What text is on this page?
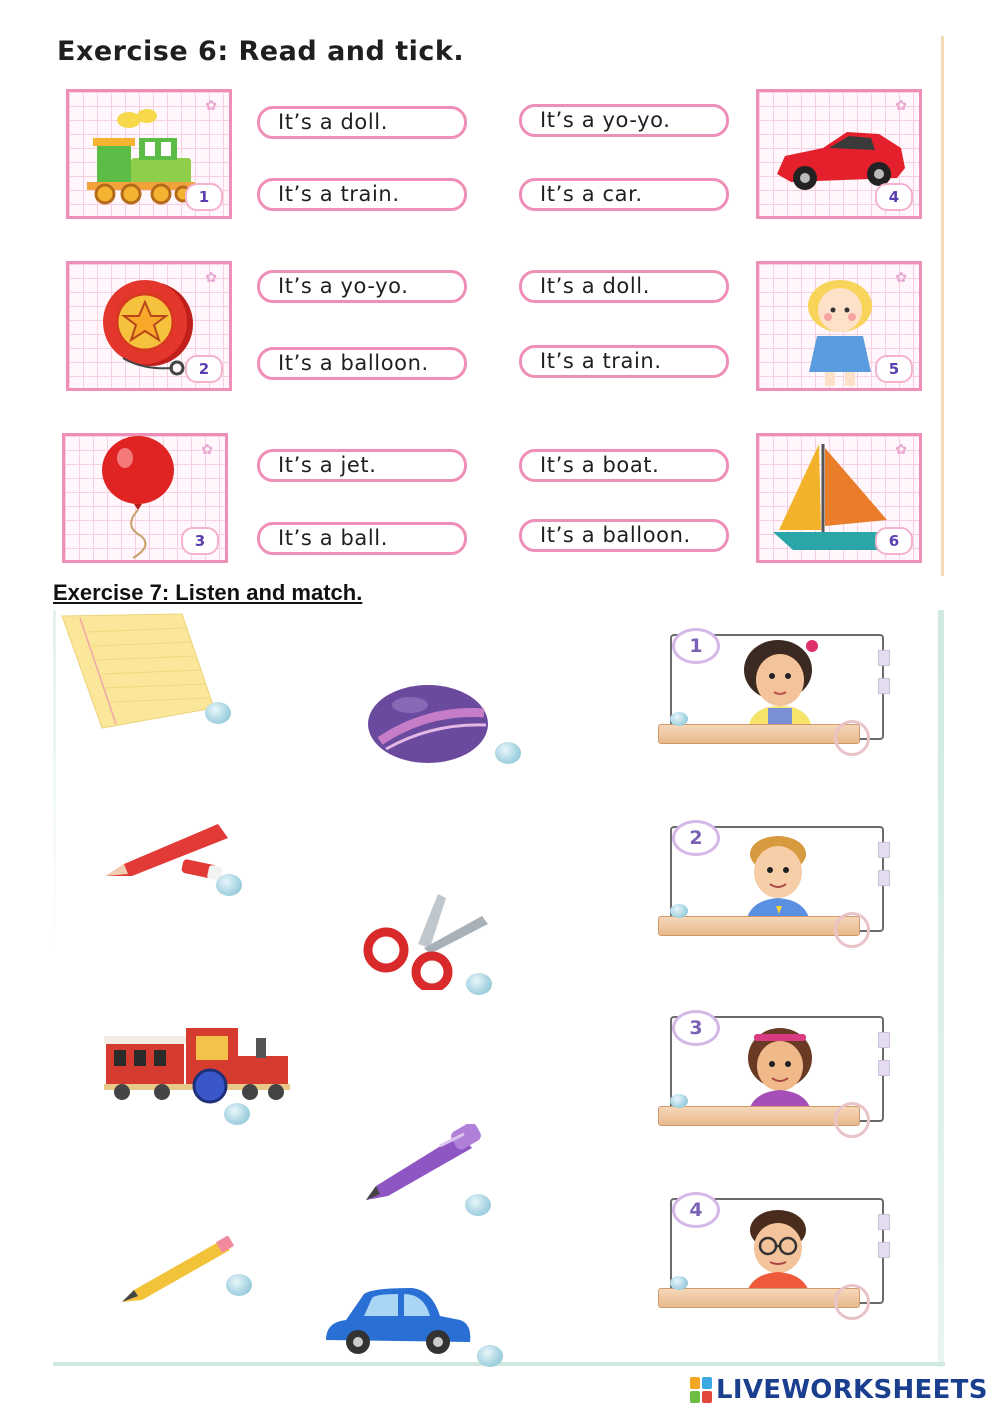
Exercise 6: Read and tick.
✿
1
It’s a doll.
It’s a train.
It’s a yo-yo.
It’s a car.
✿
4
✿
2
It’s a yo-yo.
It’s a balloon.
It’s a doll.
It’s a train.
✿
5
✿
3
It’s a jet.
It’s a ball.
It’s a boat.
It’s a balloon.
✿
6
Exercise 7: Listen and match.
1
2
3
4
LIVEWORKSHEETS
